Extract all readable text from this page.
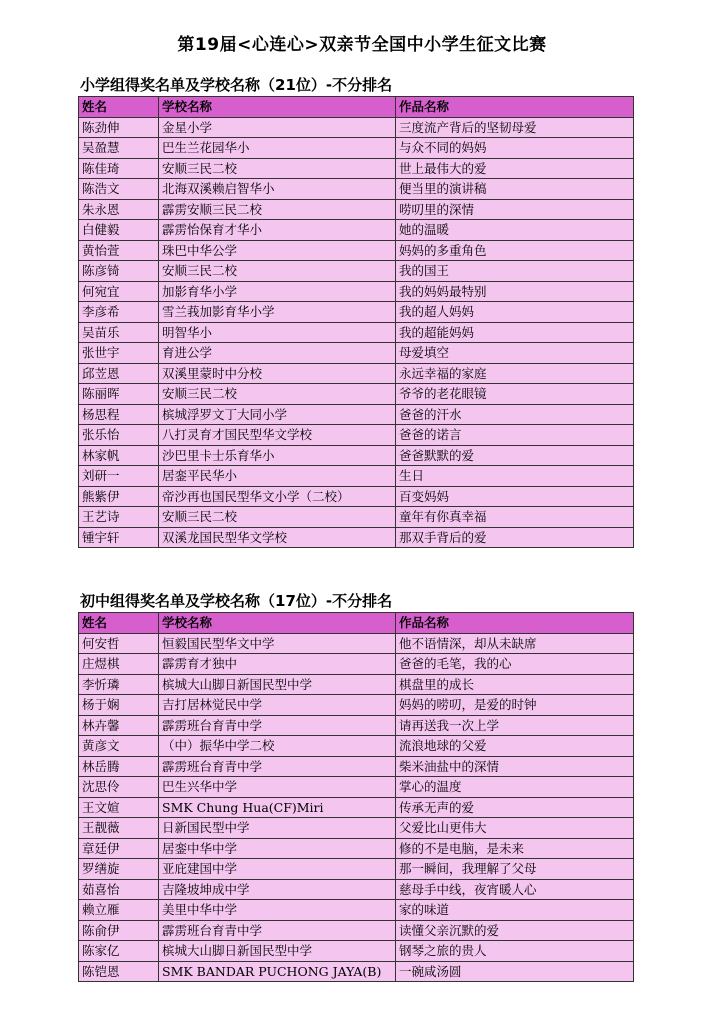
第19届<心连心>双亲节全国中小学生征文比赛
小学组得奖名单及学校名称（21位）-不分排名
姓名	学校名称	作品名称
陈劲伸	金星小学	三度流产背后的坚韧母爱
吴盈慧	巴生兰花园华小	与众不同的妈妈
陈佳琦	安顺三民二校	世上最伟大的爱
陈浩文	北海双溪赖启智华小	便当里的演讲稿
朱永恩	霹雳安顺三民二校	唠叨里的深情
白健毅	霹雳怡保育才华小	她的温暖
黄怡萱	珠巴中华公学	妈妈的多重角色
陈彦锜	安顺三民二校	我的国王
何宛宜	加影育华小学	我的妈妈最特别
李彦希	雪兰莪加影育华小学	我的超人妈妈
吴苗乐	明智华小	我的超能妈妈
张世宇	育进公学	母爱填空
邱苙恩	双溪里蒙时中分校	永远幸福的家庭
陈丽晖	安顺三民二校	爷爷的老花眼镜
杨思程	槟城浮罗文丁大同小学	爸爸的汗水
张乐怡	八打灵育才国民型华文学校	爸爸的诺言
林家帆	沙巴里卡士乐育华小	爸爸默默的爱
刘研一	居銮平民华小	生日
熊紫伊	帝沙再也国民型华文小学（二校）	百变妈妈
王艺诗	安顺三民二校	童年有你真幸福
锺宇轩	双溪龙国民型华文学校	那双手背后的爱
初中组得奖名单及学校名称（17位）-不分排名
姓名	学校名称	作品名称
何安哲	恒毅国民型华文中学	他不语情深，却从未缺席
庄煜棋	霹雳育才独中	爸爸的毛笔，我的心
李忻璘	槟城大山脚日新国民型中学	棋盘里的成长
杨于娴	吉打居林觉民中学	妈妈的唠叨，是爱的时钟
林卉馨	霹雳班台育青中学	请再送我一次上学
黄彦文	（中）振华中学二校	流浪地球的父爱
林岳腾	霹雳班台育青中学	柴米油盐中的深情
沈思伶	巴生兴华中学	掌心的温度
王文媗	SMK Chung Hua(CF)Miri	传承无声的爱
王靓薇	日新国民型中学	父爱比山更伟大
章廷伊	居銮中华中学	修的不是电脑，是未来
罗缮旋	亚庇建国中学	那一瞬间，我理解了父母
茹喜怡	吉隆坡坤成中学	慈母手中线，夜宵暖人心
赖立雁	美里中华中学	家的味道
陈俞伊	霹雳班台育青中学	读懂父亲沉默的爱
陈家亿	槟城大山脚日新国民型中学	钢琴之旅的贵人
陈铠恩	SMK BANDAR PUCHONG JAYA(B)	一碗咸汤圆
